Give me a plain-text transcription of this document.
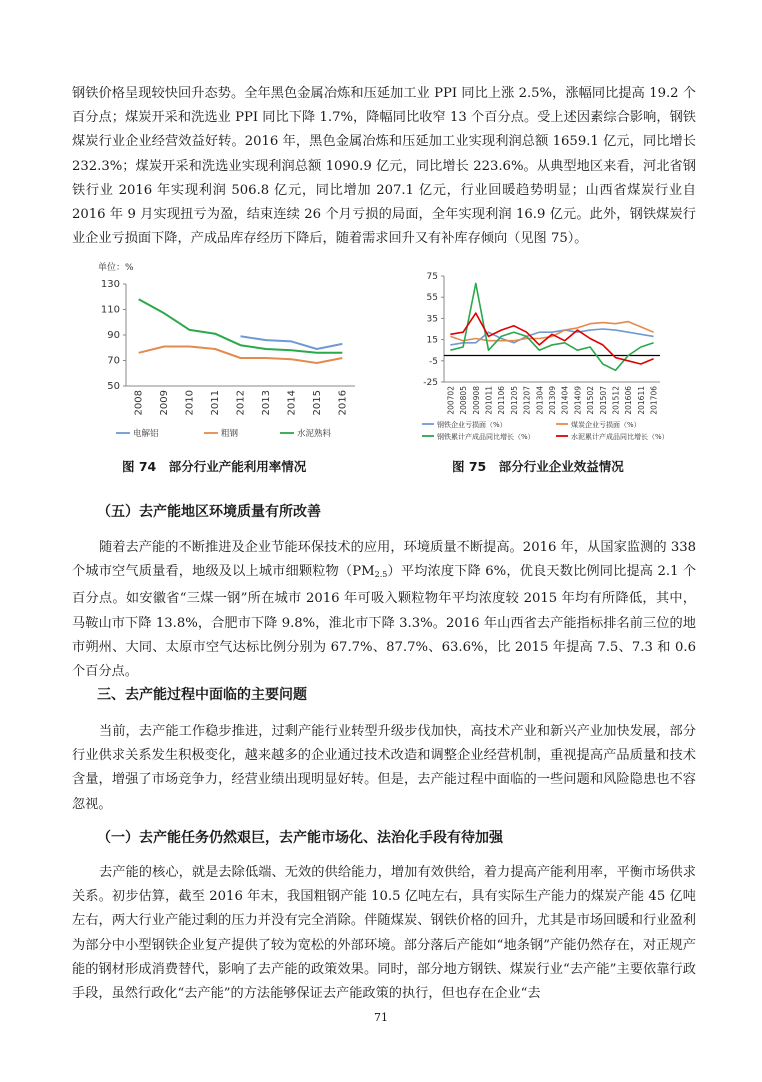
钢铁价格呈现较快回升态势。全年黑色金属冶炼和压延加工业 PPI 同比上涨 2.5%，涨幅同比提高 19.2 个百分点；煤炭开采和洗选业 PPI 同比下降 1.7%，降幅同比收窄 13 个百分点。受上述因素综合影响，钢铁煤炭行业企业经营效益好转。2016 年，黑色金属冶炼和压延加工业实现利润总额 1659.1 亿元，同比增长 232.3%；煤炭开采和洗选业实现利润总额 1090.9 亿元，同比增长 223.6%。从典型地区来看，河北省钢铁行业 2016 年实现利润 506.8 亿元，同比增加 207.1 亿元，行业回暖趋势明显；山西省煤炭行业自 2016 年 9 月实现扭亏为盈，结束连续 26 个月亏损的局面，全年实现利润 16.9 亿元。此外，钢铁煤炭行业企业亏损面下降，产成品库存经历下降后，随着需求回升又有补库存倾向（见图 75）。

单位：%
50
70
90
110
130
2008 2009 2010 2011 2012 2013 2014 2015 2016
电解铝	粗钢	水泥熟料
-25
-5
15
35
55
75
200702 200805 200908 201011 201106 201205 201207 201304 201309 201404 201409 201502 201507 201512 201606 201611 201706
钢铁企业亏损面（%）	煤炭企业亏损面（%）
钢铁累计产成品同比增长（%）	水泥累计产成品同比增长（%）

图 74　部分行业产能利用率情况	图 75　部分行业企业效益情况

（五）去产能地区环境质量有所改善

随着去产能的不断推进及企业节能环保技术的应用，环境质量不断提高。2016 年，从国家监测的 338 个城市空气质量看，地级及以上城市细颗粒物$(PM_{2.5})$平均浓度下降 6%，优良天数比例同比提高 2.1 个百分点。如安徽省“三煤一钢”所在城市 2016 年可吸入颗粒物年平均浓度较 2015 年均有所降低，其中，马鞍山市下降 13.8%，合肥市下降 9.8%，淮北市下降 3.3%。2016 年山西省去产能指标排名前三位的地市朔州、大同、太原市空气达标比例分别为 67.7%、87.7%、63.6%，比 2015 年提高 7.5、7.3 和 0.6 个百分点。

三、去产能过程中面临的主要问题

当前，去产能工作稳步推进，过剩产能行业转型升级步伐加快，高技术产业和新兴产业加快发展，部分行业供求关系发生积极变化，越来越多的企业通过技术改造和调整企业经营机制，重视提高产品质量和技术含量，增强了市场竞争力，经营业绩出现明显好转。但是，去产能过程中面临的一些问题和风险隐患也不容忽视。

（一）去产能任务仍然艰巨，去产能市场化、法治化手段有待加强

去产能的核心，就是去除低端、无效的供给能力，增加有效供给，着力提高产能利用率，平衡市场供求关系。初步估算，截至 2016 年末，我国粗钢产能 10.5 亿吨左右，具有实际生产能力的煤炭产能 45 亿吨左右，两大行业产能过剩的压力并没有完全消除。伴随煤炭、钢铁价格的回升，尤其是市场回暖和行业盈利为部分中小型钢铁企业复产提供了较为宽松的外部环境。部分落后产能如“地条钢”产能仍然存在，对正规产能的钢材形成消费替代，影响了去产能的政策效果。同时，部分地方钢铁、煤炭行业“去产能”主要依靠行政手段，虽然行政化“去产能”的方法能够保证去产能政策的执行，但也存在企业“去

71
